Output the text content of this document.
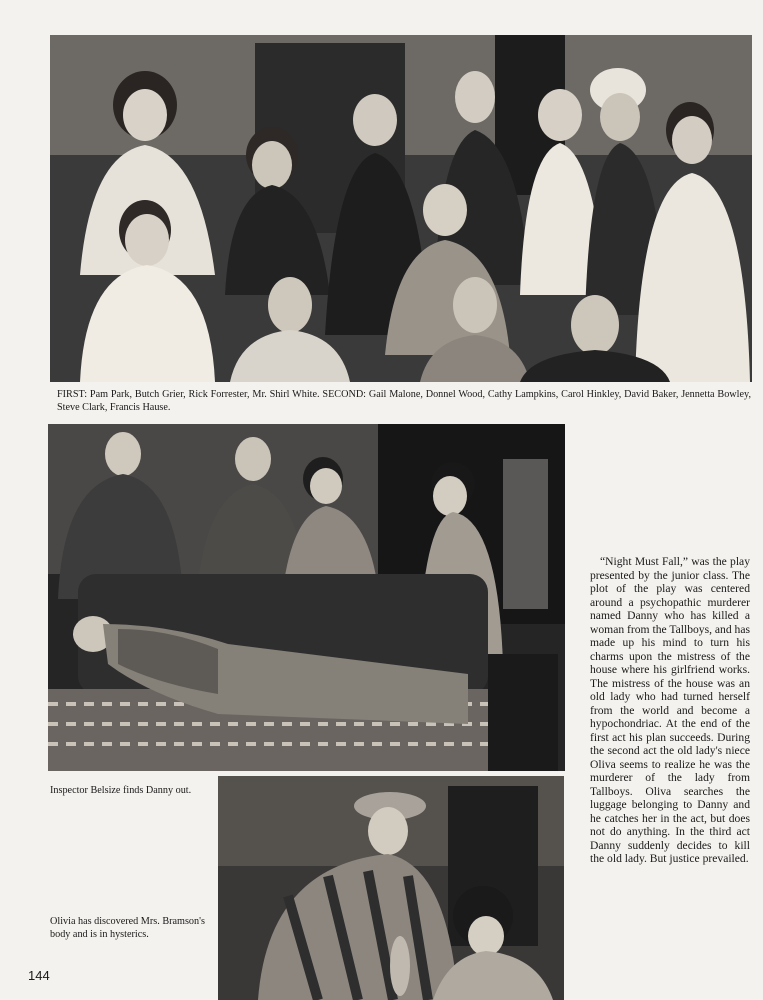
FIRST: Pam Park, Butch Grier, Rick Forrester, Mr. Shirl White. SECOND: Gail Malone, Donnel Wood, Cathy Lampkins, Carol Hinkley, David Baker, Jennetta Bowley, Steve Clark, Francis Hause.
Inspector Belsize finds Danny out.
Olivia has discovered Mrs. Bramson's body and is in hysterics.

“Night Must Fall,” was the play presented by the junior class. The plot of the play was centered around a psychopathic murderer named Danny who has killed a woman from the Tallboys, and has made up his mind to turn his charms upon the mistress of the house where his girlfriend works. The mistress of the house was an old lady who had turned herself from the world and become a hypochondriac. At the end of the first act his plan succeeds. During the second act the old lady's niece Oliva seems to realize he was the murderer of the lady from Tallboys. Oliva searches the luggage belonging to Danny and he catches her in the act, but does not do anything. In the third act Danny suddenly decides to kill the old lady. But justice prevailed.

144
